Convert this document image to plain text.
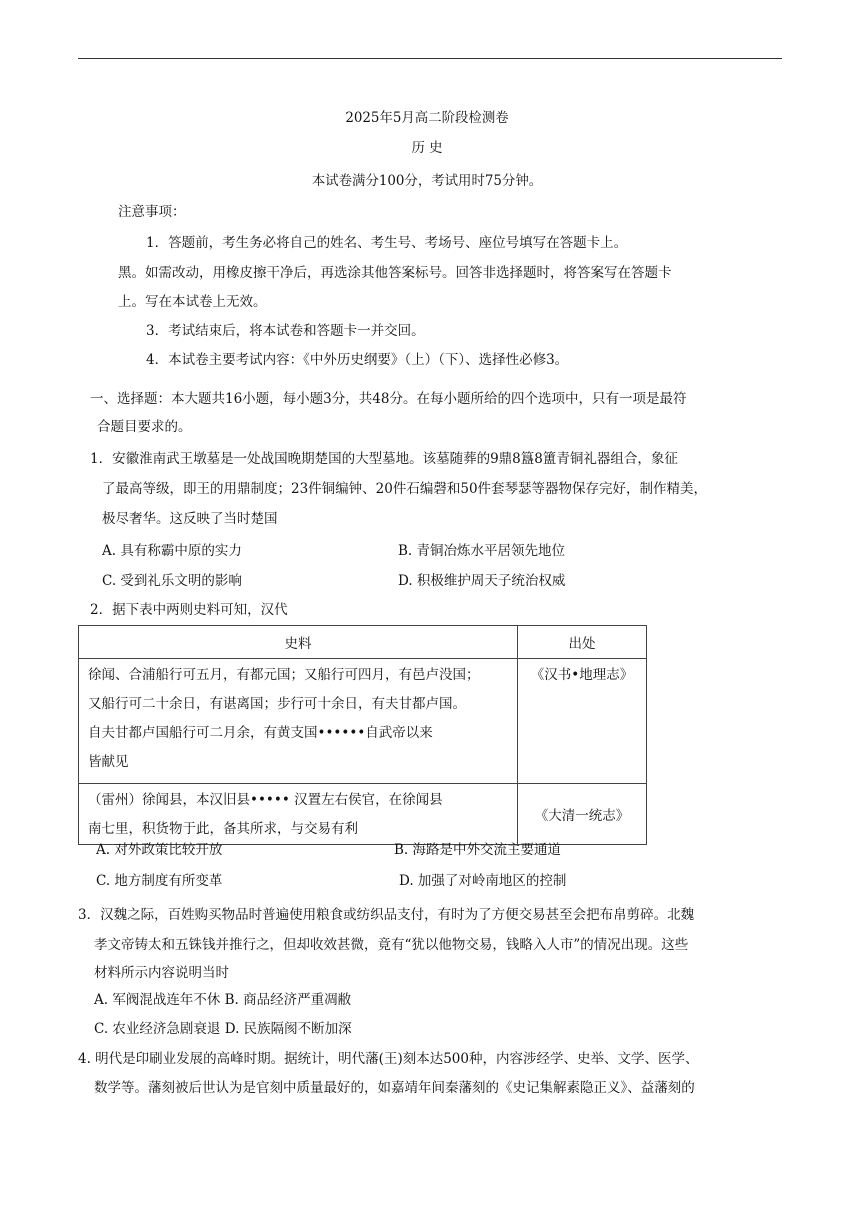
2025年5月高二阶段检测卷
历 史
本试卷满分100分，考试用时75分钟。
注意事项：
1．答题前，考生务必将自己的姓名、考生号、考场号、座位号填写在答题卡上。
黑。如需改动，用橡皮擦干净后，再选涂其他答案标号。回答非选择题时，将答案写在答题卡
上。写在本试卷上无效。
3．考试结束后，将本试卷和答题卡一并交回。
4．本试卷主要考试内容：《中外历史纲要》（上）（下）、选择性必修3。
一、选择题：本大题共16小题，每小题3分，共48分。在每小题所给的四个选项中，只有一项是最符
合题目要求的。
1．安徽淮南武王墩墓是一处战国晚期楚国的大型墓地。该墓随葬的9鼎8簋8簠青铜礼器组合，象征
了最高等级，即王的用鼎制度；23件铜编钟、20件石编磬和50件套琴瑟等器物保存完好，制作精美，
极尽奢华。这反映了当时楚国
A. 具有称霸中原的实力	B. 青铜冶炼水平居领先地位
C. 受到礼乐文明的影响	D. 积极维护周天子统治权威
2．据下表中两则史料可知，汉代
史料	出处

徐闻、合浦船行可五月，有都元国；又船行可四月，有邑卢没国；
又船行可二十余日，有谌离国；步行可十余日，有夫甘都卢国。
自夫甘都卢国船行可二月余，有黄支国••••••自武帝以来
皆献见	《汉书•地理志》

（雷州）徐闻县，本汉旧县••••• 汉置左右侯官，在徐闻县
南七里，积货物于此，备其所求，与交易有利	《大清一统志》
A. 对外政策比较开放	B. 海路是中外交流主要通道
C. 地方制度有所变革	D. 加强了对岭南地区的控制
3．汉魏之际，百姓购买物品时普遍使用粮食或纺织品支付，有时为了方便交易甚至会把布帛剪碎。北魏
孝文帝铸太和五铢钱并推行之，但却收效甚微，竟有“犹以他物交易，钱略入人市”的情况出现。这些
材料所示内容说明当时
A. 军阀混战连年不休 B. 商品经济严重凋敝
C. 农业经济急剧衰退 D. 民族隔阂不断加深
4. 明代是印刷业发展的高峰时期。据统计，明代藩(王)刻本达500种，内容涉经学、史举、文学、医学、
数学等。藩刻被后世认为是官刻中质量最好的，如嘉靖年间秦藩刻的《史记集解素隐正义》、益藩刻的
